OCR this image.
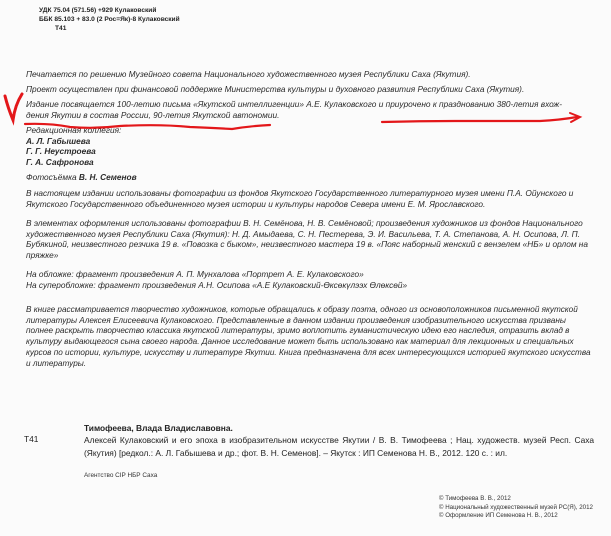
УДК 75.04 (571.56) +929 Кулаковский
ББК 85.103 + 83.0 (2 Рос=Як)-8 Кулаковский
Т41

Печатается по решению Музейного совета Национального художественного музея Республики Саха (Якутия).

Проект осуществлен при финансовой поддержке Министерства культуры и духовного развития Республики Саха (Якутия).

Издание посвящается 100-летию письма «Якутской интеллигенции» А.Е. Кулаковского и приурочено к празднованию 380-летия вхож-

дения Якутии в состав России, 90-летия Якутской автономии.

Редакционная коллегия:

А. Л. Габышева

Г. Г. Неустроева

Г. А. Сафронова

Фотосъёмка В. Н. Семенов

В настоящем издании использованы фотографии из фондов Якутского Государственного литературного музея имени П.А. Ойунского и Якутского Государственного объединенного музея истории и культуры народов Севера имени Е. М. Ярославского.

В элементах оформления использованы фотографии В. Н. Семёнова, Н. В. Семёновой; произведения художников из фондов Национального художественного музея Республики Саха (Якутия): Н. Д. Амыдаева, С. Н. Пестерева, Э. И. Васильева, Т. А. Степанова, А. Н. Осипова, Л. П. Бубякиной, неизвестного резчика 19 в. «Повозка с быком», неизвестного мастера 19 в. «Пояс наборный женский с вензелем «НБ» и орлом на пряжке»

На обложке: фрагмент произведения А. П. Мунхалова «Портрет А. Е. Кулаковского»

На суперобложке: фрагмент произведения А.Н. Осипова «А.Е Кулаковский-Өксөкүлээх Өлөксөй»

В книге рассматривается творчество художников, которые обращались к образу поэта, одного из основоположников письменной якутской литературы Алексея Елисеевича Кулаковского. Представленные в данном издании произведения изобразительного искусства призваны полнее раскрыть творчество классика якутской литературы, зримо воплотить гуманистическую идею его наследия, отразить вклад в культуру выдающегося сына своего народа. Данное исследование может быть использовано как материал для лекционных и специальных курсов по истории, культуре, искусству и литературе Якутии. Книга предназначена для всех интересующихся историей якутского искусства и литературы.

Тимофеева, Влада Владиславовна.
Т41	Алексей Кулаковский и его эпоха в изобразительном искусстве Якутии / В. В. Тимофеева ; Нац. художеств. музей Респ. Саха (Якутия) [редкол.: А. Л. Габышева и др.; фот. В. Н. Семенов]. – Якутск : ИП Семенова Н. В., 2012. 120 с. : ил.
Агентство CIP НБР Саха
© Тимофеева В. В., 2012
© Национальный художественный музей РС(Я), 2012
© Оформление ИП Семенова Н. В., 2012
